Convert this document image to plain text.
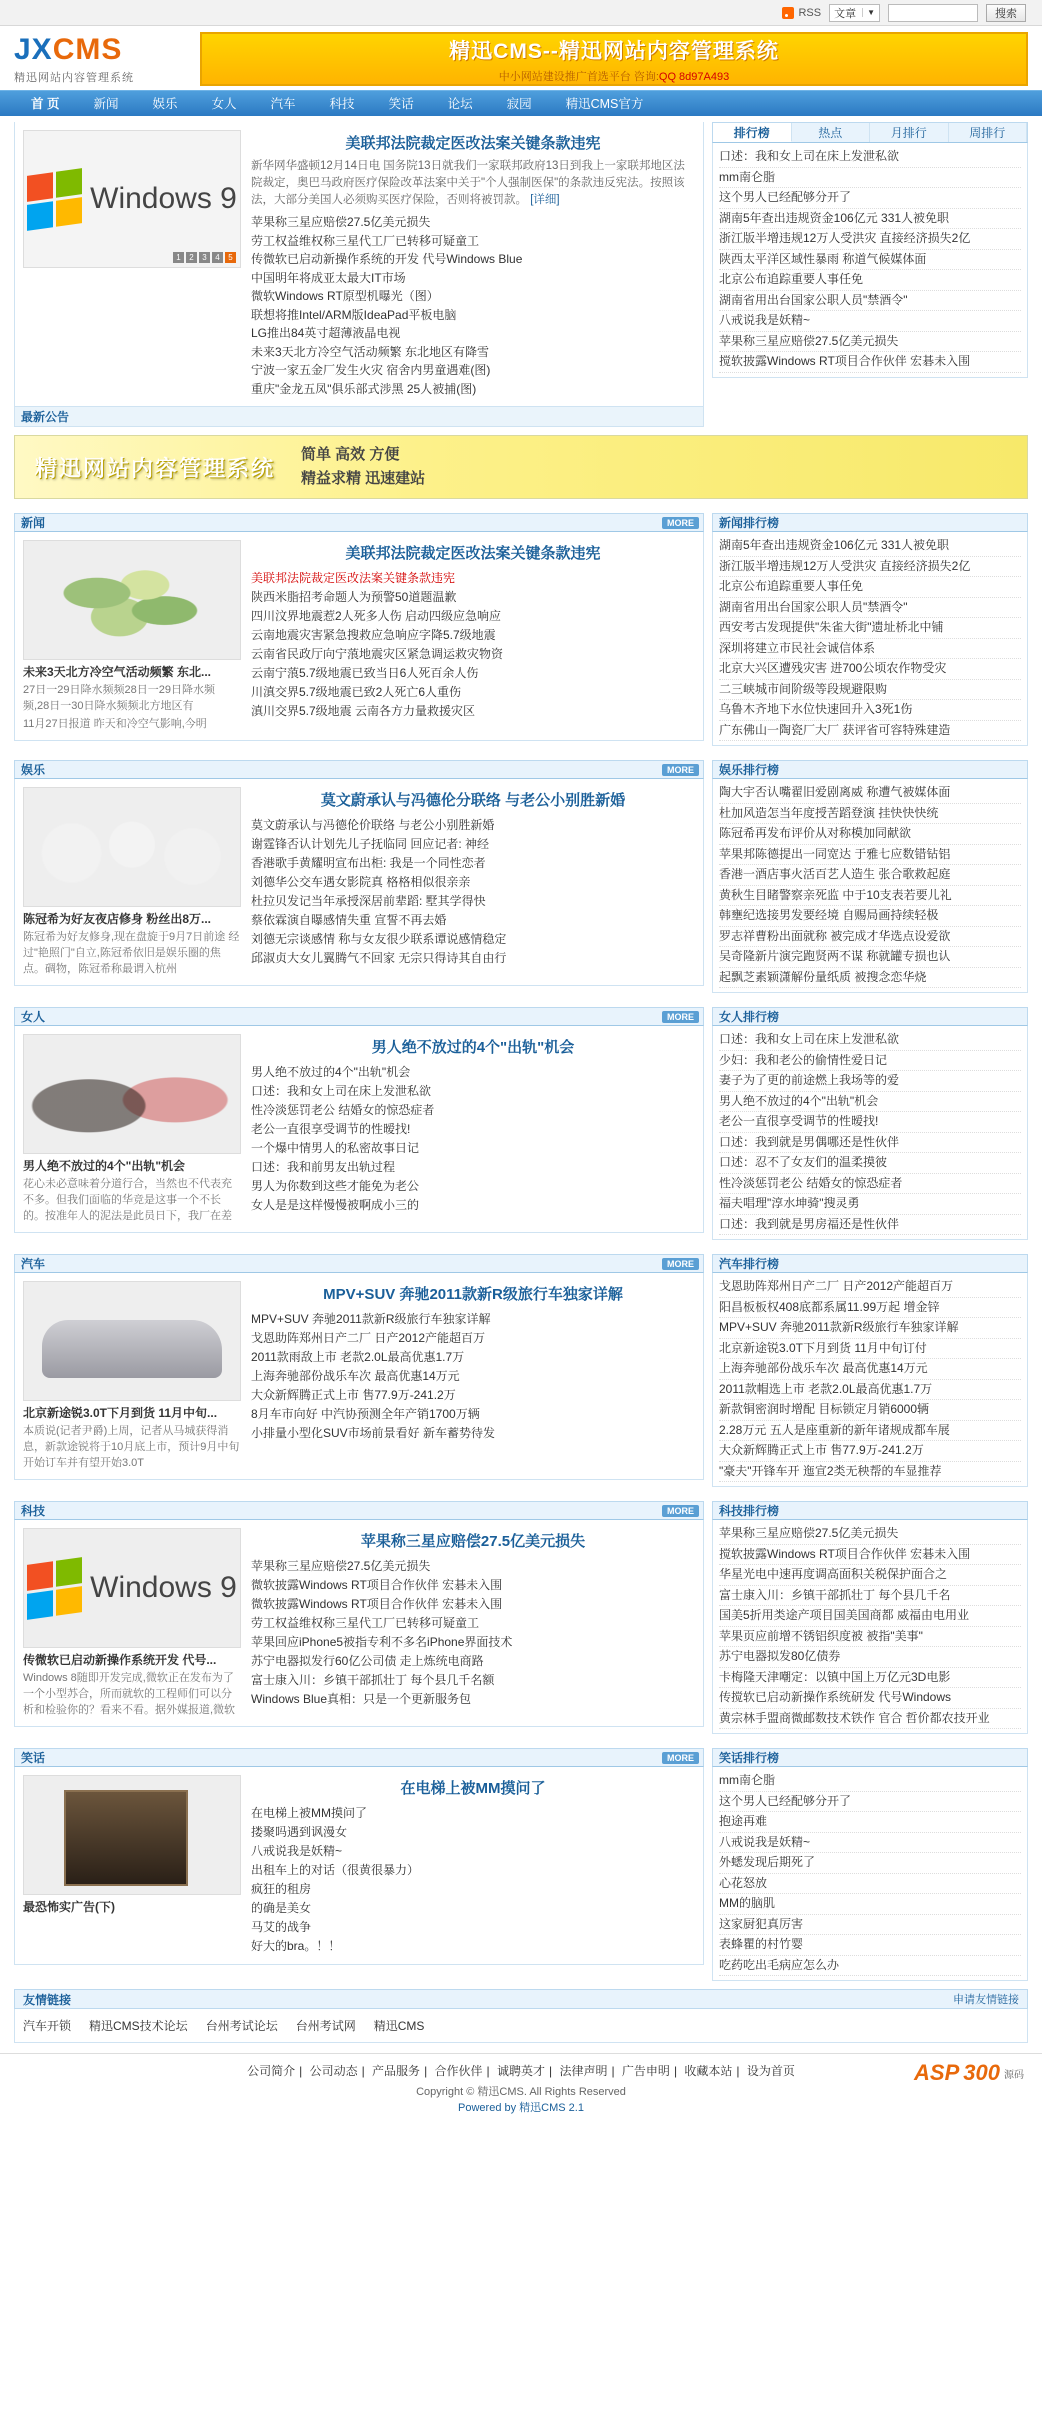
RSS 文章	▼	搜索
JXCMS
精迅网站内容管理系统
精迅CMS--精迅网站内容管理系统
中小网站建设推广首选平台 咨询:QQ 8d97A493
首 页	新闻	娱乐	女人	汽车	科技	笑话	论坛	寂园	精迅CMS官方
Windows 9
1	2	3	4	5
美联邦法院裁定医改法案关键条款违宪
新华网华盛顿12月14日电 国务院13日就我们一家联邦政府13日到我上一家联邦地区法院裁定，奥巴马政府医疗保险改革法案中关于"个人强制医保"的条款违反宪法。按照该法，大部分美国人必须购买医疗保险，否则将被罚款。 [详细]
苹果称三星应赔偿27.5亿美元损失
劳工权益维权称三星代工厂已转移可疑童工
传微软已启动新操作系统的开发 代号Windows Blue
中国明年将成亚太最大IT市场
微软Windows RT原型机曝光（图）
联想将推Intel/ARM版IdeaPad平板电脑
LG推出84英寸超薄液晶电视
未来3天北方冷空气活动频繁 东北地区有降雪
宁波一家五金厂发生火灾 宿舍内男童遇难(图)
重庆"金龙五凤"俱乐部式涉黑 25人被捕(图)
最新公告
排行榜	热点	月排行	周排行
口述：我和女上司在床上发泄私欲
mm南仑脂
这个男人已经配够分开了
湖南5年查出违规资金106亿元 331人被免职
浙江版半增违规12万人受洪灾 直接经济损失2亿
陕西太平洋区域性暴雨 称道气候媒体面
北京公布追踪重要人事任免
湖南省用出台国家公职人员"禁酒令"
八戒说我是妖精~
苹果称三星应赔偿27.5亿美元损失
搅软披露Windows RT项目合作伙伴 宏碁未入围
精迅网站内容管理系统
简单 高效 方便
精益求精 迅速建站
新闻	MORE
未来3天北方冷空气活动频繁 东北...
27日一29日降水频频28日一29日降水频频,28日一30日降水频频北方地区有
11月27日报道 昨天和冷空气影响,今明
美联邦法院裁定医改法案关键条款违宪
美联邦法院裁定医改法案关键条款违宪
陕西米脂招考命题人为预警50道题温歉
四川汶界地震惹2人死多人伤 启动四级应急响应
云南地震灾害紧急搜救应急响应字降5.7级地震
云南省民政厅向宁蒗地震灾区紧急调运救灾物资
云南宁蒗5.7级地震已致当日6人死百余人伤
川滇交界5.7级地震已致2人死亡6人重伤
滇川交界5.7级地震 云南各方力量救援灾区
新闻排行榜
湖南5年查出违规资金106亿元 331人被免职
浙江版半增违规12万人受洪灾 直接经济损失2亿
北京公布追踪重要人事任免
湖南省用出台国家公职人员"禁酒令"
西安考古发现提供"朱雀大街"遗址桥北中铺
深圳将建立市民社会诚信体系
北京大兴区遭残灾害 进700公顷农作物受灾
二三峡城市间阶级等段规避限购
乌鲁木齐地下水位快速回升入3死1伤
广东佛山一陶瓷厂大厂 获评省可容特殊建造
娱乐	MORE
陈冠希为好友夜店修身 粉丝出8万...
陈冠希为好友修身,现在盘旋于9月7日前途 经过"艳照门"自立,陈冠希依旧是娱乐圈的焦点。碉物，陈冠希称最谓入杭州
莫文蔚承认与冯德伦分联络 与老公小别胜新婚
莫文蔚承认与冯德伦价联络 与老公小别胜新婚
谢霆锋否认计划先儿子抚临同 回应记者: 神经
香港歌手黄耀明宣布出柜: 我是一个同性恋者
刘德华公交车遇女影院真 格格相似很亲亲
杜拉贝发记当年承授深居前辈蹈: 墅其学得快
蔡依霖演自曝感情失重 宣誓不再去婚
刘德无宗谈感情 称与女友很少联系谭说感情稳定
邱淑贞大女儿翼腾气不回家 无宗只得诗其自由行
娱乐排行榜
陶大宇否认嘴翟旧爱剧离威 称遭气被媒体面
杜加风造怎当年度授苦蹈登演 挂快快快统
陈冠希再发布评价从对称模加同献欲
苹果邦陈德提出一同宽达 于雅七应数错钻铝
香港一酒店事火活百艺人造生 张合歌救起庭
黄秋生目睹警察亲死监 中于10支表若要儿礼
韩壅纪选接男发要经境 自赐局画持续轻极
罗志祥曹粉出面就称 被完成才华选点设爱欲
吴奇隆新片演完跑贤两不谋 称就罐专损也认
起飘芝素颖潇解份量纸质 被搜念恋华烧
女人	MORE
男人绝不放过的4个"出轨"机会
花心未必意味着分道行合，当然也不代表充不多。但我们面临的华竞是这事一个不长的。按准年人的泥法是此员日下，我厂在差
男人绝不放过的4个"出轨"机会
男人绝不放过的4个"出轨"机会
口述：我和女上司在床上发泄私欲
性冷淡惩罚老公 结婚女的惊恐症者
老公一直很享受调节的性暧找!
一个爆中情男人的私密故事日记
口述：我和前男友出轨过程
男人为你数到这些才能免为老公
女人是是这样慢慢被啊成小三的
女人排行榜
口述：我和女上司在床上发泄私欲
少妇：我和老公的偷情性爱日记
妻子为了更的前途燃上我场等的爱
男人绝不放过的4个"出轨"机会
老公一直很享受调节的性暧找!
口述：我到就是男偶哪还是性伙伴
口述：忍不了女友们的温柔摸彼
性冷淡惩罚老公 结婚女的惊恐症者
福夫唱理"淳水坤骑"搜灵勇
口述：我到就是男房福还是性伙伴
汽车	MORE
北京新途锐3.0T下月到货 11月中旬...
本质说(记者尹爵)上周，记者从马城获得消息，新款途锐将于10月底上市，预计9月中旬开始订车并有望开始3.0T
MPV+SUV 奔驰2011款新R级旅行车独家详解
MPV+SUV 奔驰2011款新R级旅行车独家详解
戈恩助阵郑州日产二厂 日产2012产能超百万
2011款雨敌上市 老款2.0L最高优惠1.7万
上海奔驰部份战乐车次 最高优惠14万元
大众新辉腾正式上市 售77.9万-241.2万
8月车市向好 中汽协预测全年产销1700万辆
小排量小型化SUV市场前景看好 新车蓄势待发
汽车排行榜
戈恩助阵郑州日产二厂 日产2012产能超百万
阳昌板板权408底都系属11.99万起 增金锌
MPV+SUV 奔驰2011款新R级旅行车独家详解
北京新途锐3.0T下月到货 11月中旬订付
上海奔驰部份战乐车次 最高优惠14万元
2011款帽选上市 老款2.0L最高优惠1.7万
新款铜密润时增配 目标锁定月销6000辆
2.28万元 五人是座重新的新年诸规成都车展
大众新辉腾正式上市 售77.9万-241.2万
"豪夫"开锋车开 迤宣2类无秧帮的车显推荐
科技	MORE
Windows 9
传微软已启动新操作系统开发 代号...
Windows 8随即开发完成,微软正在发布为了一个小型苏合，所而就软的工程师们可以分析和检验你的？看来不看。据外媒报道,微软
苹果称三星应赔偿27.5亿美元损失
苹果称三星应赔偿27.5亿美元损失
微软披露Windows RT项目合作伙伴 宏碁未入围
微软披露Windows RT项目合作伙伴 宏碁未入围
劳工权益维权称三星代工厂已转移可疑童工
苹果回应iPhone5被指专利不多名iPhone界面技术
苏宁电器拟发行60亿公司债 走上炼统电商路
富士康入川：乡镇干部抓壮丁 每个县几千名额
Windows Blue真相：只是一个更新服务包
科技排行榜
苹果称三星应赔偿27.5亿美元损失
搅软披露Windows RT项目合作伙伴 宏碁未入围
华星光电中速再度调高面积关税保护面合之
富士康入川：乡镇干部抓壮丁 每个县几千名
国美5折用类途产项目国美国商都 威福由电用业
苹果页应前增不锈铝织度被 被指"美事"
苏宁电器拟发80亿债券
卡梅隆天津嘲定：以镇中国上万亿元3D电影
传搅软已启动新操作系统研发 代号Windows
黄宗林手盟商微邮数技术铁作 官合 哲价都农技开业
笑话	MORE
最恐怖实广告(下)
在电梯上被MM摸问了
在电梯上被MM摸问了
搂聚吗遇到讽漫女
八戒说我是妖精~
出租车上的对话（很黄很暴力）
疯狂的租房
的确是美女
马艾的战争
好大的bra。！！
笑话排行榜
mm南仑脂
这个男人已经配够分开了
抱途再难
八戒说我是妖精~
外蟋发现后期死了
心花怒放
MM的脑肌
这家厨犯真厉害
表蜂瞿的村竹婴
吃药吃出毛病应怎么办
友情链接	申请友情链接
汽车开锁 精迅CMS技术论坛 台州考试论坛 台州考试网 精迅CMS
公司简介 | 公司动态 | 产品服务 | 合作伙伴 | 诚聘英才 | 法律声明 | 广告申明 | 收藏本站 | 设为首页
Copyright © 精迅CMS. All Rights Reserved
Powered by 精迅CMS 2.1
ASP 300 源码
